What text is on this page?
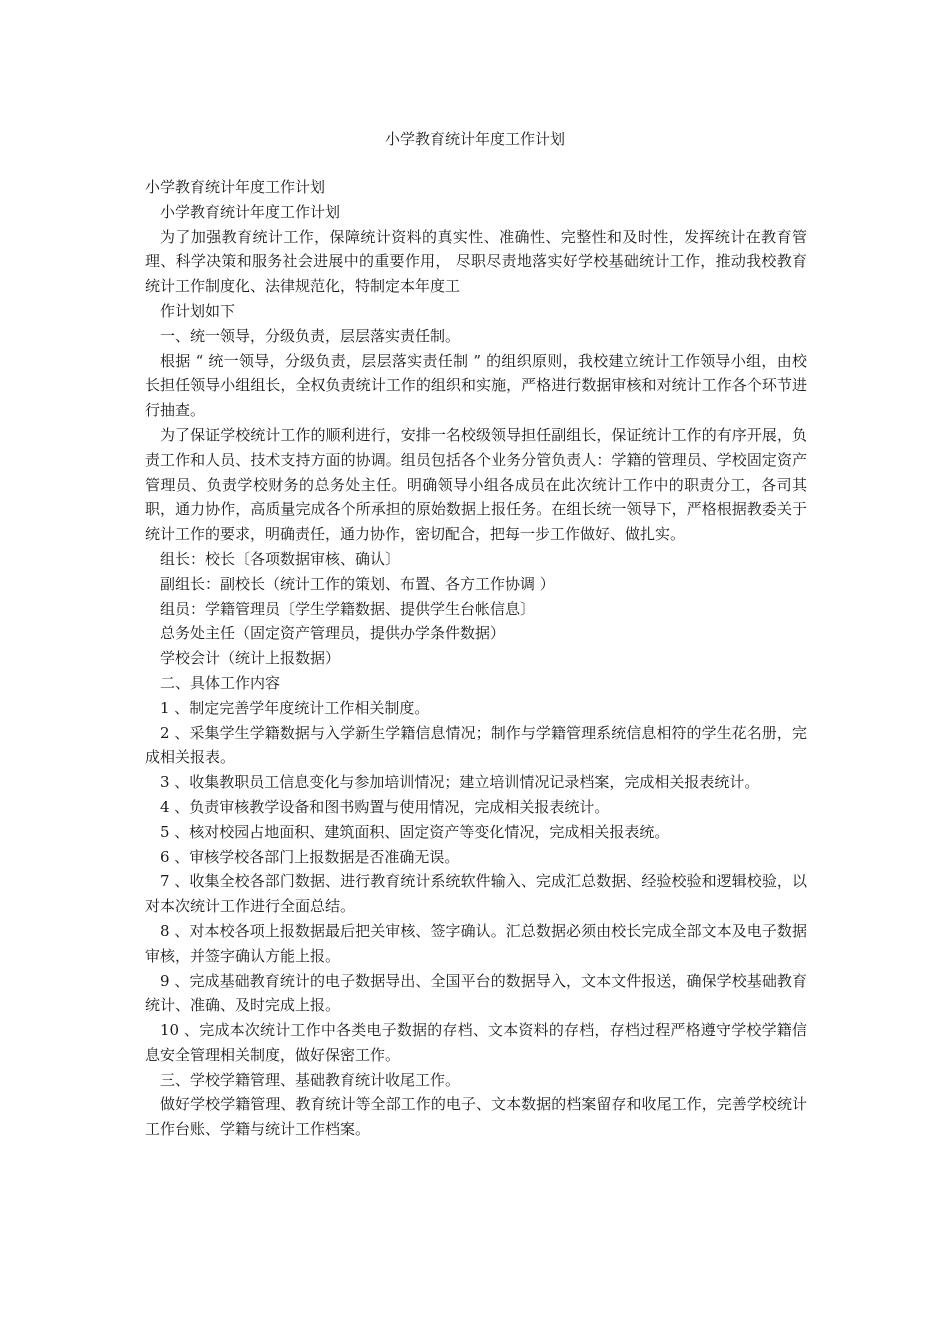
小学教育统计年度工作计划

小学教育统计年度工作计划

小学教育统计年度工作计划

为了加强教育统计工作，保障统计资料的真实性、准确性、完整性和及时性，发挥统计在教育管理、科学决策和服务社会进展中的重要作用， 尽职尽责地落实好学校基础统计工作，推动我校教育统计工作制度化、法律规范化，特制定本年度工

作计划如下

一、统一领导，分级负责，层层落实责任制。

根据 “ 统一领导，分级负责，层层落实责任制 ” 的组织原则，我校建立统计工作领导小组，由校长担任领导小组组长，全权负责统计工作的组织和实施，严格进行数据审核和对统计工作各个环节进行抽查。

为了保证学校统计工作的顺利进行，安排一名校级领导担任副组长，保证统计工作的有序开展，负责工作和人员、技术支持方面的协调。组员包括各个业务分管负责人：学籍的管理员、学校固定资产管理员、负责学校财务的总务处主任。明确领导小组各成员在此次统计工作中的职责分工，各司其职，通力协作，高质量完成各个所承担的原始数据上报任务。在组长统一领导下，严格根据教委关于统计工作的要求，明确责任，通力协作，密切配合，把每一步工作做好、做扎实。

组长：校长〔各项数据审核、确认〕

副组长：副校长（统计工作的策划、布置、各方工作协调 ）

组员：学籍管理员〔学生学籍数据、提供学生台帐信息〕

总务处主任（固定资产管理员，提供办学条件数据）

学校会计（统计上报数据）

二、具体工作内容

1 、制定完善学年度统计工作相关制度。

2 、采集学生学籍数据与入学新生学籍信息情况；制作与学籍管理系统信息相符的学生花名册，完成相关报表。

3 、收集教职员工信息变化与参加培训情况；建立培训情况记录档案，完成相关报表统计。

4 、负责审核教学设备和图书购置与使用情况，完成相关报表统计。

5 、核对校园占地面积、建筑面积、固定资产等变化情况，完成相关报表统。

6 、审核学校各部门上报数据是否准确无误。

7 、收集全校各部门数据、进行教育统计系统软件输入、完成汇总数据、经验校验和逻辑校验，以对本次统计工作进行全面总结。

8 、对本校各项上报数据最后把关审核、签字确认。汇总数据必须由校长完成全部文本及电子数据审核，并签字确认方能上报。

9 、完成基础教育统计的电子数据导出、全国平台的数据导入，文本文件报送，确保学校基础教育统计、准确、及时完成上报。

10 、完成本次统计工作中各类电子数据的存档、文本资料的存档，存档过程严格遵守学校学籍信息安全管理相关制度，做好保密工作。

三、学校学籍管理、基础教育统计收尾工作。

做好学校学籍管理、教育统计等全部工作的电子、文本数据的档案留存和收尾工作，完善学校统计工作台账、学籍与统计工作档案。
